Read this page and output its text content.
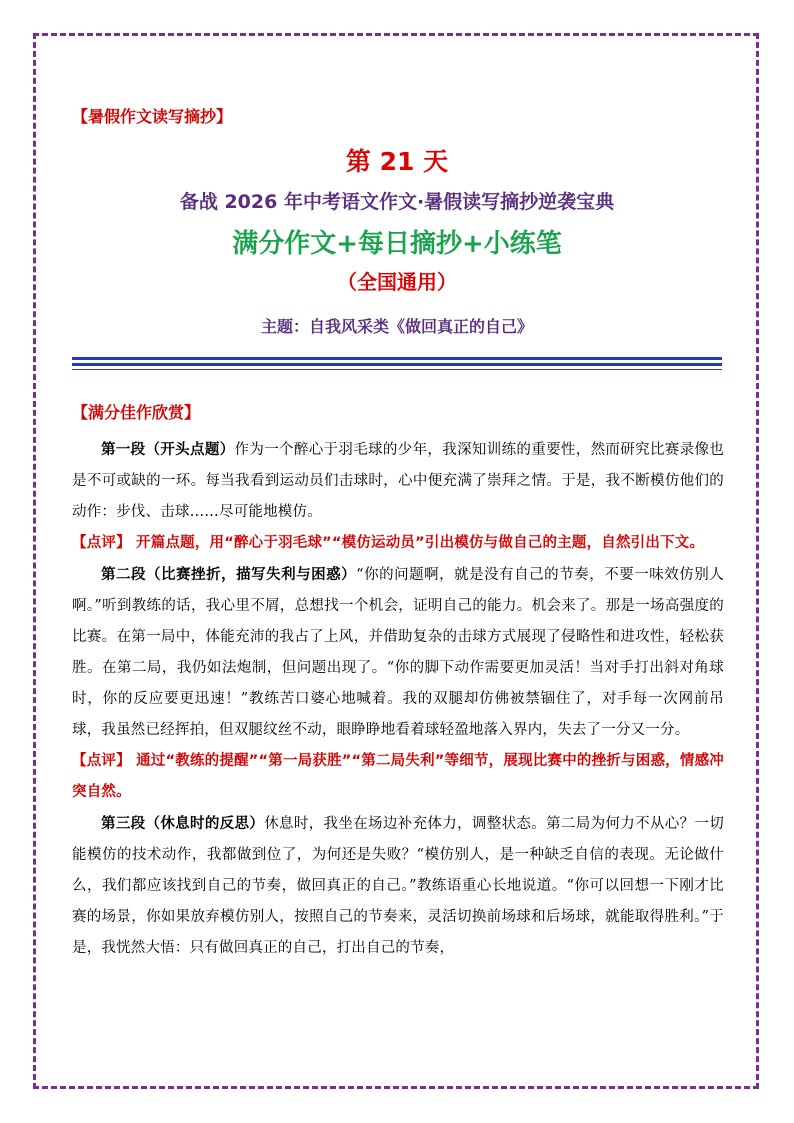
【暑假作文读写摘抄】
第 21 天
备战 2026 年中考语文作文·暑假读写摘抄逆袭宝典
满分作文+每日摘抄+小练笔
（全国通用）
主题：自我风采类《做回真正的自己》
【满分佳作欣赏】

第一段（开头点题）作为一个醉心于羽毛球的少年，我深知训练的重要性，然而研究比赛录像也是不可或缺的一环。每当我看到运动员们击球时，心中便充满了崇拜之情。于是，我不断模仿他们的动作：步伐、击球……尽可能地模仿。

【点评】 开篇点题，用“醉心于羽毛球”“模仿运动员”引出模仿与做自己的主题，自然引出下文。

第二段（比赛挫折，描写失利与困惑）“你的问题啊，就是没有自己的节奏，不要一味效仿别人啊。”听到教练的话，我心里不屑，总想找一个机会，证明自己的能力。机会来了。那是一场高强度的比赛。在第一局中，体能充沛的我占了上风，并借助复杂的击球方式展现了侵略性和进攻性，轻松获胜。在第二局，我仍如法炮制，但问题出现了。“你的脚下动作需要更加灵活！当对手打出斜对角球时，你的反应要更迅速！”教练苦口婆心地喊着。我的双腿却仿佛被禁锢住了，对手每一次网前吊球，我虽然已经挥拍，但双腿纹丝不动，眼睁睁地看着球轻盈地落入界内，失去了一分又一分。

【点评】 通过“教练的提醒”“第一局获胜”“第二局失利”等细节，展现比赛中的挫折与困惑，情感冲突自然。

第三段（休息时的反思）休息时，我坐在场边补充体力，调整状态。第二局为何力不从心？一切能模仿的技术动作，我都做到位了，为何还是失败？“模仿别人，是一种缺乏自信的表现。无论做什么，我们都应该找到自己的节奏，做回真正的自己。”教练语重心长地说道。“你可以回想一下刚才比赛的场景，你如果放弃模仿别人，按照自己的节奏来，灵活切换前场球和后场球，就能取得胜利。”于是，我恍然大悟：只有做回真正的自己，打出自己的节奏，
